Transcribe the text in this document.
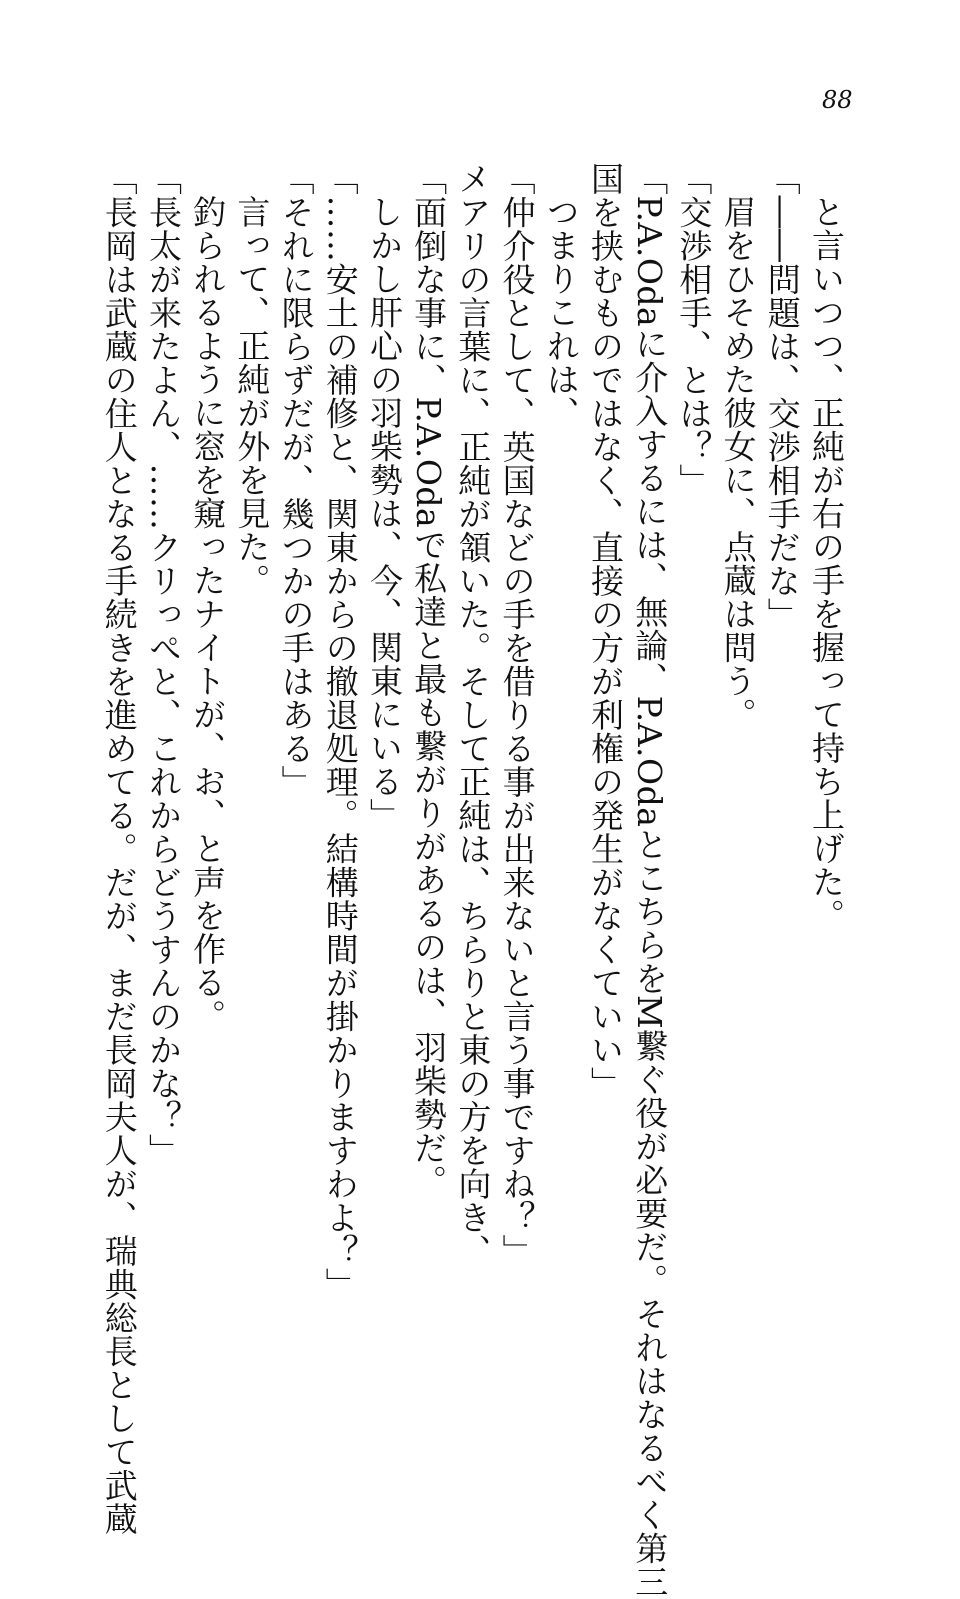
88
と言いつつ、正純が右の手を握って持ち上げた。
「――問題は、交渉相手だな」
眉をひそめた彼女に、点蔵は問う。
「交渉相手、とは？」
「P.A.Odaに介入するには、無論、P.A.OdaとこちらをM繋ぐ役が必要だ。それはなるべく第三
国を挟むものではなく、直接の方が利権の発生がなくていい」
つまりこれは、
「仲介役として、英国などの手を借りる事が出来ないと言う事ですね？」
メアリの言葉に、正純が頷いた。そして正純は、ちらりと東の方を向き、
「面倒な事に、P.A.Odaで私達と最も繋がりがあるのは、羽柴勢だ。
しかし肝心の羽柴勢は、今、関東にいる」
「……安土の補修と、関東からの撤退処理。結構時間が掛かりますわよ？」
「それに限らずだが、幾つかの手はある」
言って、正純が外を見た。
釣られるように窓を窺ったナイトが、お、と声を作る。
「長太が来たよん、……クリっぺと、これからどうすんのかな？」
「長岡は武蔵の住人となる手続きを進めてる。だが、まだ長岡夫人が、瑞典総長として武蔵
